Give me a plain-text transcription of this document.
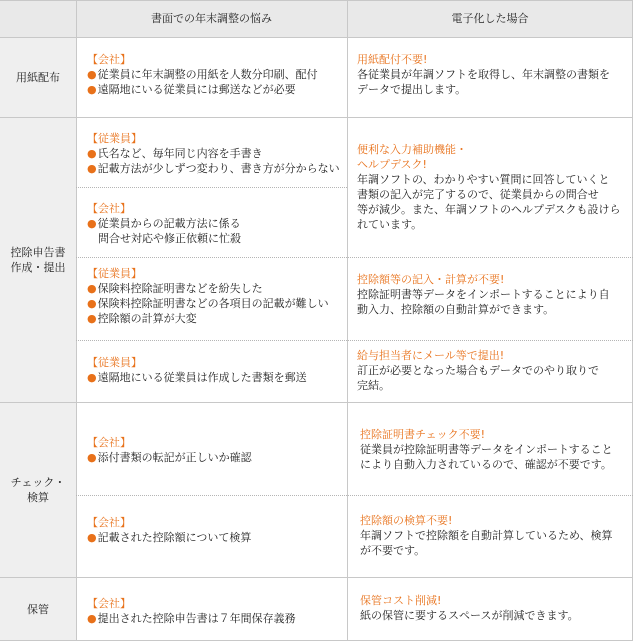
書面での年末調整の悩み	電子化した場合
用紙配布
控除申告書
作成・提出
チェック・
検算
保管
【会社】
●従業員に年末調整の用紙を人数分印刷、配付
●遠隔地にいる従業員には郵送などが必要
用紙配付不要!
各従業員が年調ソフトを取得し、年末調整の書類を
データで提出します。
【従業員】
●氏名など、毎年同じ内容を手書き
●記載方法が少しずつ変わり、書き方が分からない
【会社】
●従業員からの記載方法に係る
問合せ対応や修正依頼に忙殺
便利な入力補助機能・
ヘルプデスク!
年調ソフトの、わかりやすい質問に回答していくと
書類の記入が完了するので、従業員からの問合せ
等が減少。また、年調ソフトのヘルプデスクも設けら
れています。
【従業員】
●保険料控除証明書などを紛失した
●保険料控除証明書などの各項目の記載が難しい
●控除額の計算が大変
控除額等の記入・計算が不要!
控除証明書等データをインポートすることにより自
動入力、控除額の自動計算ができます。
【従業員】
●遠隔地にいる従業員は作成した書類を郵送
給与担当者にメール等で提出!
訂正が必要となった場合もデータでのやり取りで
完結。
【会社】
●添付書類の転記が正しいか確認
控除証明書チェック不要!
従業員が控除証明書等データをインポートすること
により自動入力されているので、確認が不要です。
【会社】
●記載された控除額について検算
控除額の検算不要!
年調ソフトで控除額を自動計算しているため、検算
が不要です。
【会社】
●提出された控除申告書は７年間保存義務
保管コスト削減!
紙の保管に要するスペースが削減できます。
